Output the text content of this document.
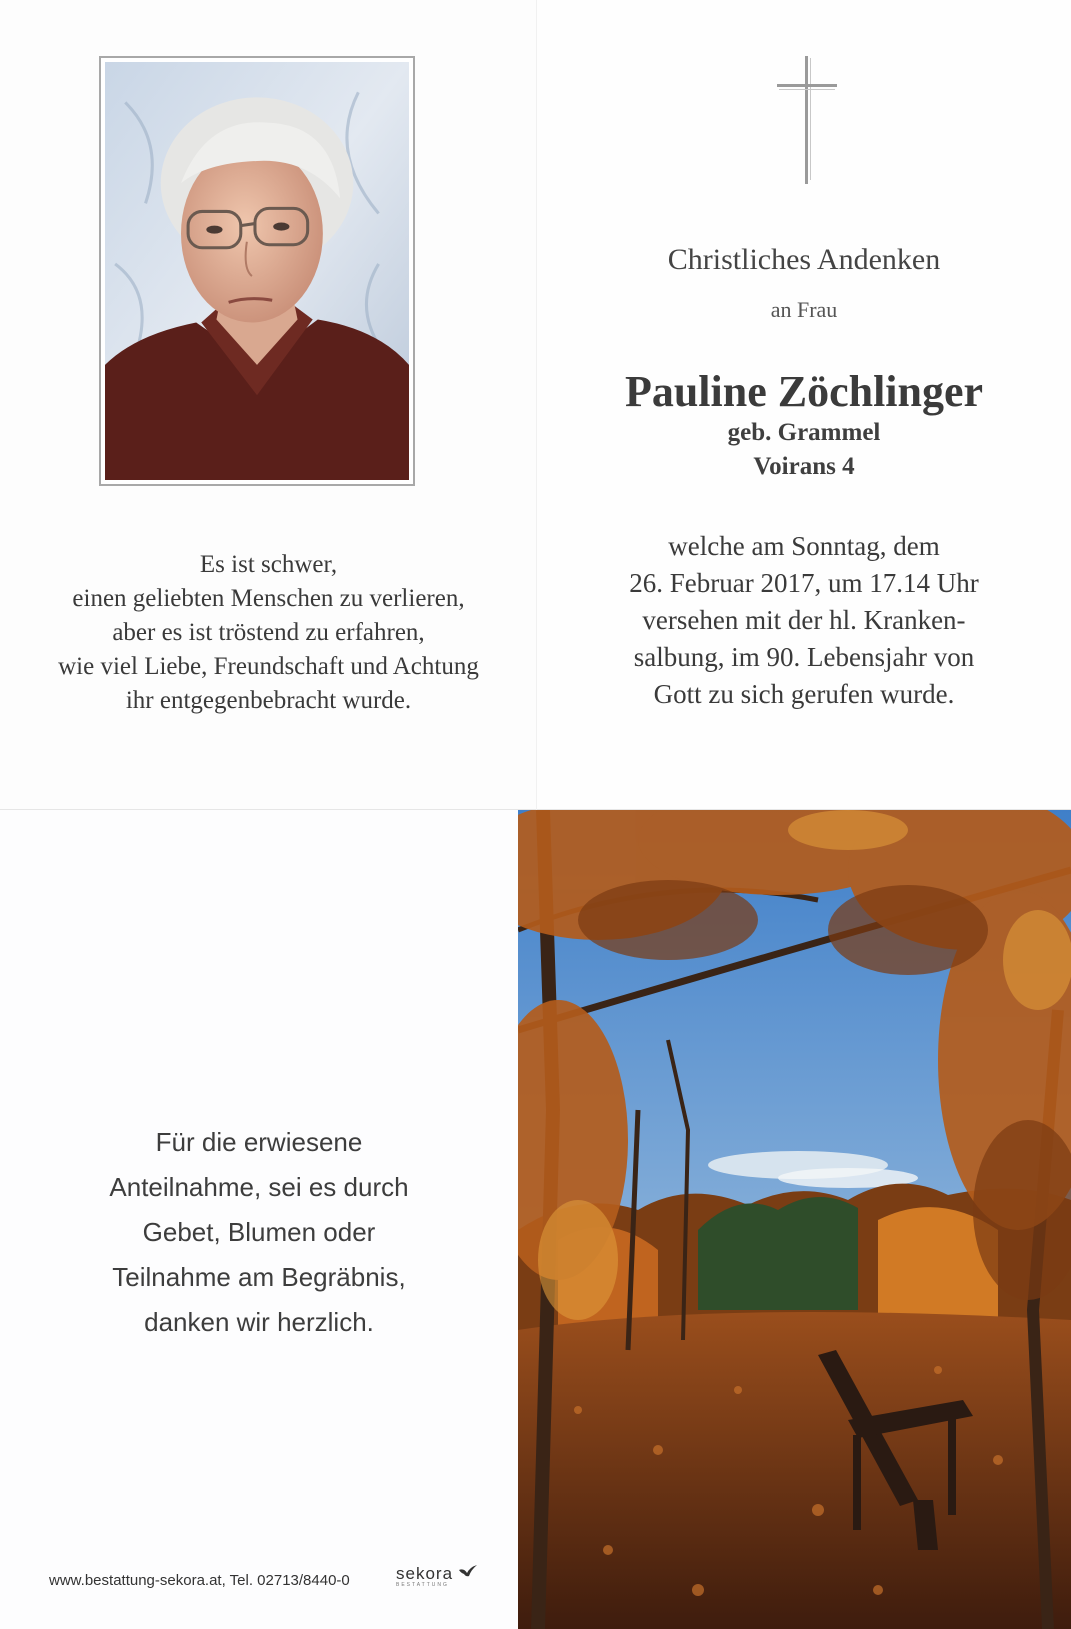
Es ist schwer,
einen geliebten Menschen zu verlieren,
aber es ist tröstend zu erfahren,
wie viel Liebe, Freundschaft und Achtung
ihr entgegenbebracht wurde.
Christliches Andenken
an Frau
Pauline Zöchlinger
geb. Grammel
Voirans 4
welche am Sonntag, dem
26. Februar 2017, um 17.14 Uhr
versehen mit der hl. Kranken-
salbung, im 90. Lebensjahr von
Gott zu sich gerufen wurde.
Für die erwiesene
Anteilnahme, sei es durch
Gebet, Blumen oder
Teilnahme am Begräbnis,
danken wir herzlich.
www.bestattung-sekora.at, Tel. 02713/8440-0	sekora
BESTATTUNG
